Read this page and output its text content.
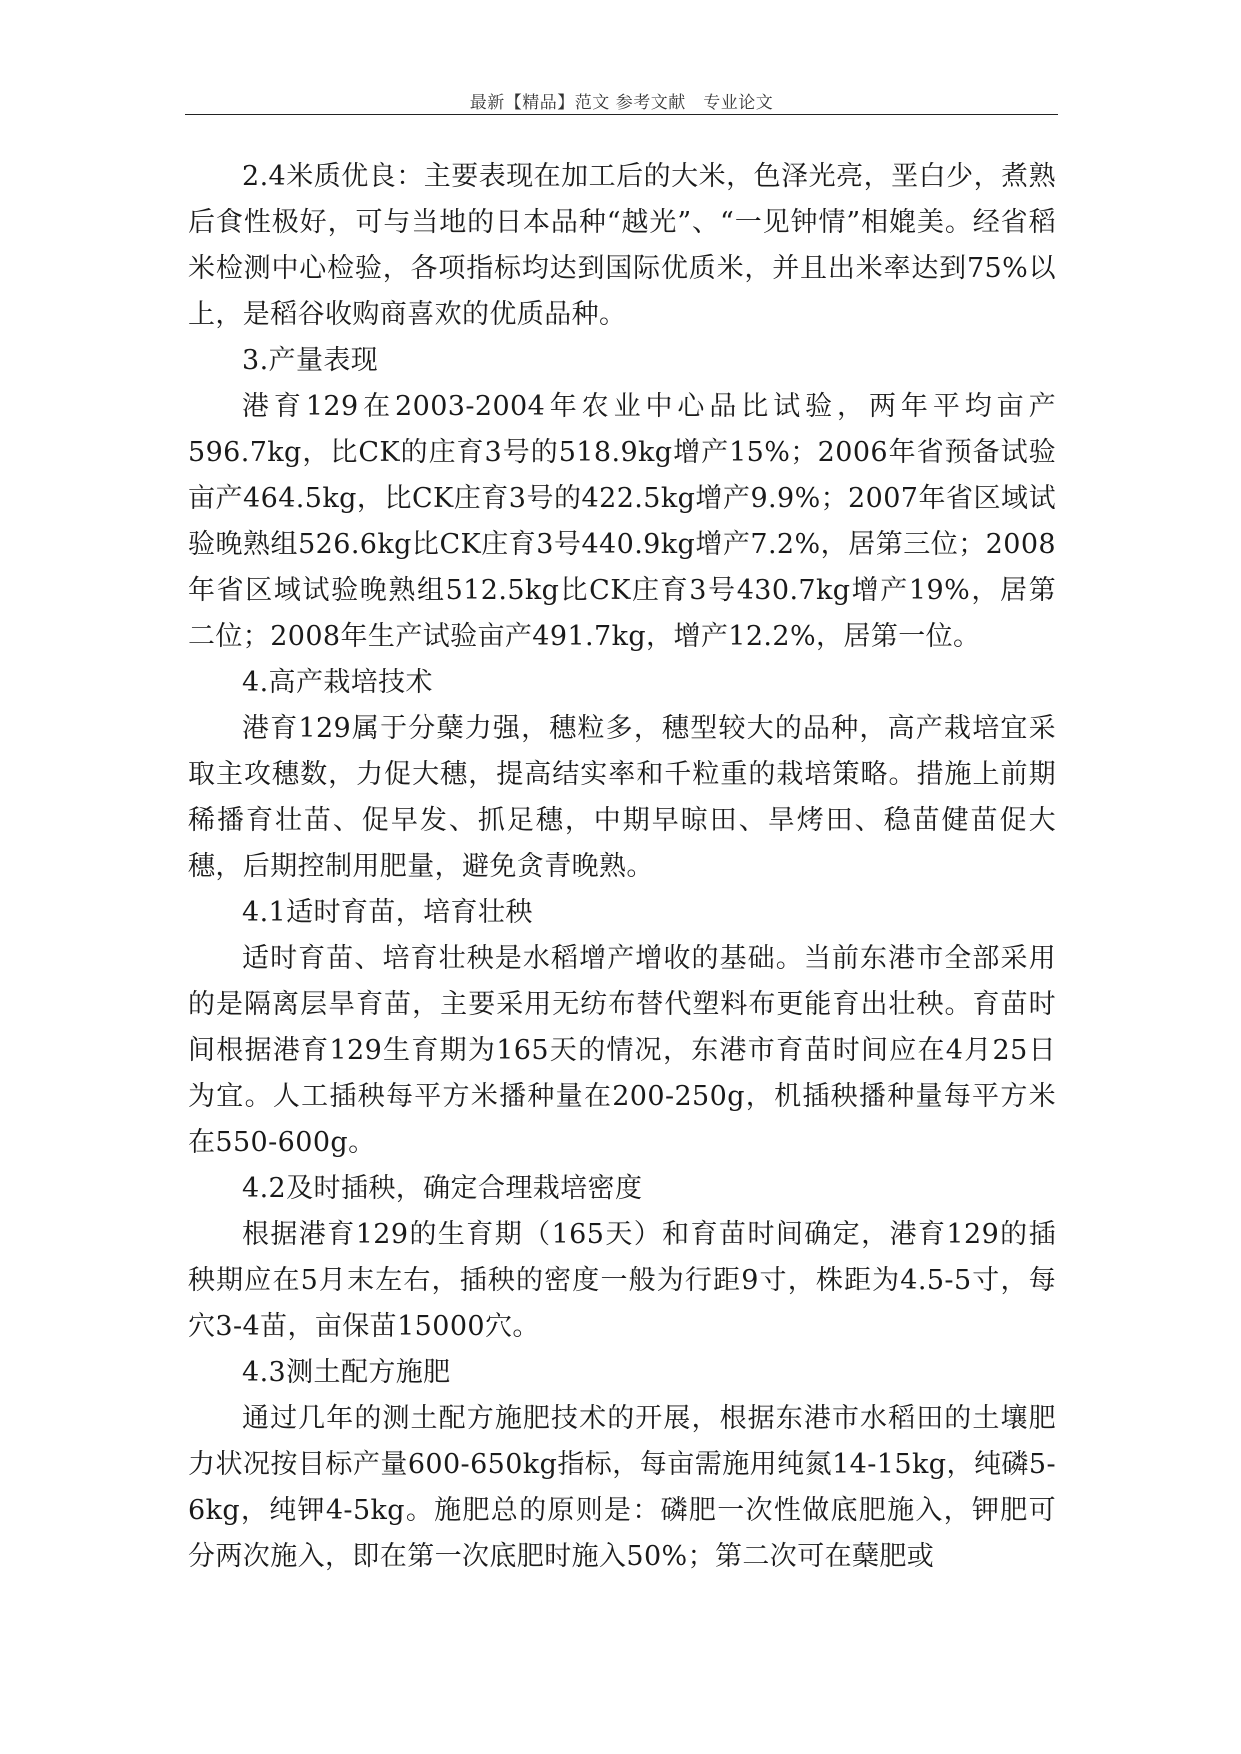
最新【精品】范文 参考文献　专业论文

2.4米质优良：主要表现在加工后的大米，色泽光亮，垩白少，煮熟后食性极好，可与当地的日本品种“越光”、“一见钟情”相媲美。经省稻米检测中心检验，各项指标均达到国际优质米，并且出米率达到75%以上，是稻谷收购商喜欢的优质品种。

3.产量表现

港育129在2003-2004年农业中心品比试验，两年平均亩产596.7kg，比CK的庄育3号的518.9kg增产15%；2006年省预备试验亩产464.5kg，比CK庄育3号的422.5kg增产9.9%；2007年省区域试验晚熟组526.6kg比CK庄育3号440.9kg增产7.2%，居第三位；2008年省区域试验晚熟组512.5kg比CK庄育3号430.7kg增产19%，居第二位；2008年生产试验亩产491.7kg，增产12.2%，居第一位。

4.高产栽培技术

港育129属于分蘖力强，穗粒多，穗型较大的品种，高产栽培宜采取主攻穗数，力促大穗，提高结实率和千粒重的栽培策略。措施上前期稀播育壮苗、促早发、抓足穗，中期早晾田、旱烤田、稳苗健苗促大穗，后期控制用肥量，避免贪青晚熟。

4.1适时育苗，培育壮秧

适时育苗、培育壮秧是水稻增产增收的基础。当前东港市全部采用的是隔离层旱育苗，主要采用无纺布替代塑料布更能育出壮秧。育苗时间根据港育129生育期为165天的情况，东港市育苗时间应在4月25日为宜。人工插秧每平方米播种量在200-250g，机插秧播种量每平方米在550-600g。

4.2及时插秧，确定合理栽培密度

根据港育129的生育期（165天）和育苗时间确定，港育129的插秧期应在5月末左右，插秧的密度一般为行距9寸，株距为4.5-5寸，每穴3-4苗，亩保苗15000穴。

4.3测土配方施肥

通过几年的测土配方施肥技术的开展，根据东港市水稻田的土壤肥力状况按目标产量600-650kg指标，每亩需施用纯氮14-15kg，纯磷5-6kg，纯钾4-5kg。施肥总的原则是：磷肥一次性做底肥施入，钾肥可分两次施入，即在第一次底肥时施入50%；第二次可在蘖肥或
